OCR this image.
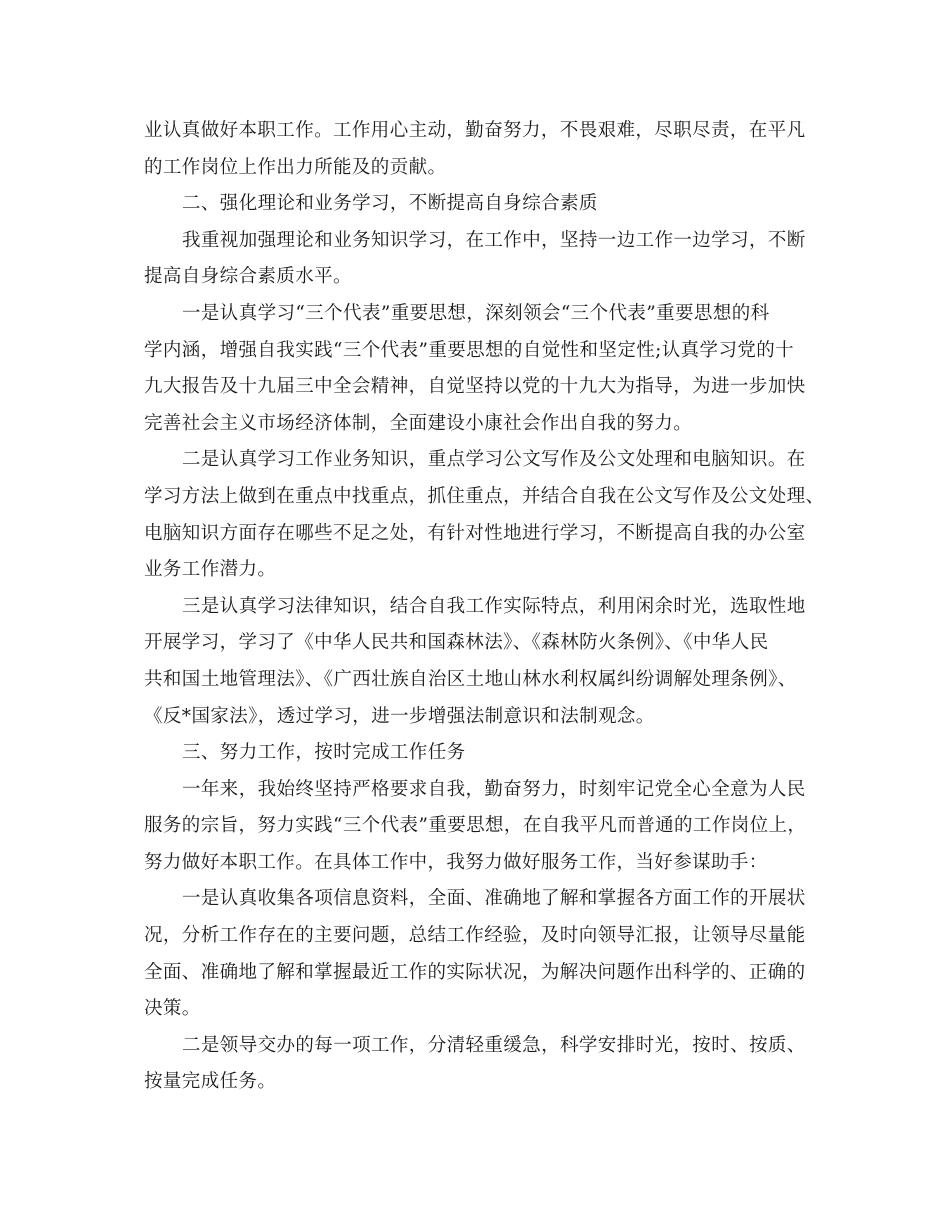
业认真做好本职工作。工作用心主动，勤奋努力，不畏艰难，尽职尽责，在平凡
的工作岗位上作出力所能及的贡献。
二、强化理论和业务学习，不断提高自身综合素质
我重视加强理论和业务知识学习，在工作中，坚持一边工作一边学习，不断
提高自身综合素质水平。
一是认真学习“三个代表”重要思想，深刻领会“三个代表”重要思想的科
学内涵，增强自我实践“三个代表”重要思想的自觉性和坚定性;认真学习党的十
九大报告及十九届三中全会精神，自觉坚持以党的十九大为指导，为进一步加快
完善社会主义市场经济体制，全面建设小康社会作出自我的努力。
二是认真学习工作业务知识，重点学习公文写作及公文处理和电脑知识。在
学习方法上做到在重点中找重点，抓住重点，并结合自我在公文写作及公文处理、
电脑知识方面存在哪些不足之处，有针对性地进行学习，不断提高自我的办公室
业务工作潜力。
三是认真学习法律知识，结合自我工作实际特点，利用闲余时光，选取性地
开展学习，学习了《中华人民共和国森林法》、《森林防火条例》、《中华人民
共和国土地管理法》、《广西壮族自治区土地山林水利权属纠纷调解处理条例》、
《反*国家法》，透过学习，进一步增强法制意识和法制观念。
三、努力工作，按时完成工作任务
一年来，我始终坚持严格要求自我，勤奋努力，时刻牢记党全心全意为人民
服务的宗旨，努力实践“三个代表”重要思想，在自我平凡而普通的工作岗位上，
努力做好本职工作。在具体工作中，我努力做好服务工作，当好参谋助手：
一是认真收集各项信息资料，全面、准确地了解和掌握各方面工作的开展状
况，分析工作存在的主要问题，总结工作经验，及时向领导汇报，让领导尽量能
全面、准确地了解和掌握最近工作的实际状况，为解决问题作出科学的、正确的
决策。
二是领导交办的每一项工作，分清轻重缓急，科学安排时光，按时、按质、
按量完成任务。
